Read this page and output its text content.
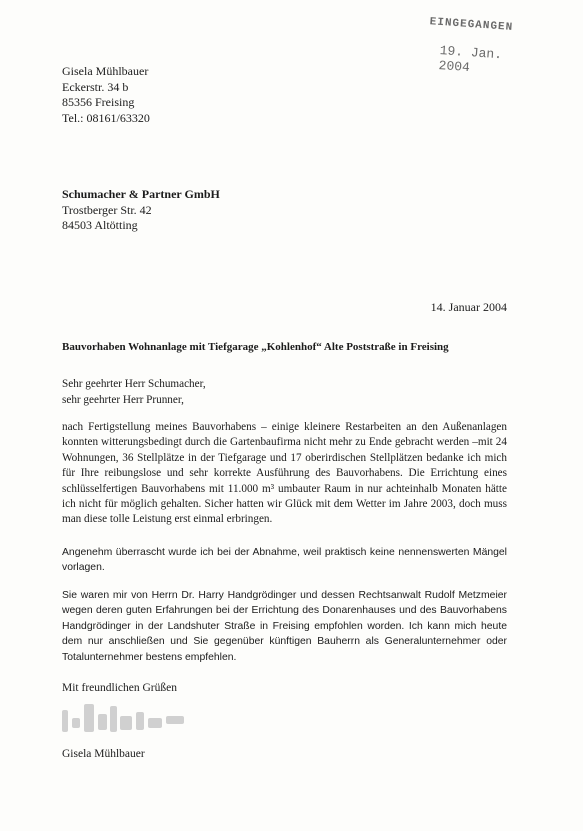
EINGEGANGEN
19. Jan. 2004
Gisela Mühlbauer
Eckerstr. 34 b
85356 Freising
Tel.: 08161/63320
Schumacher & Partner GmbH
Trostberger Str. 42
84503 Altötting
14. Januar 2004
Bauvorhaben Wohnanlage mit Tiefgarage „Kohlenhof“ Alte Poststraße in Freising
Sehr geehrter Herr Schumacher,
sehr geehrter Herr Prunner,
nach Fertigstellung meines Bauvorhabens – einige kleinere Restarbeiten an den Außenanlagen konnten witterungsbedingt durch die Gartenbaufirma nicht mehr zu Ende gebracht werden –mit 24 Wohnungen, 36 Stellplätze in der Tiefgarage und 17 oberirdischen Stellplätzen bedanke ich mich für Ihre reibungslose und sehr korrekte Ausführung des Bauvorhabens. Die Errichtung eines schlüsselfertigen Bauvorhabens mit 11.000 m³ umbauter Raum in nur achteinhalb Monaten hätte ich nicht für möglich gehalten. Sicher hatten wir Glück mit dem Wetter im Jahre 2003, doch muss man diese tolle Leistung erst einmal erbringen.
Angenehm überrascht wurde ich bei der Abnahme, weil praktisch keine nennenswerten Mängel vorlagen.
Sie waren mir von Herrn Dr. Harry Handgrödinger und dessen Rechtsanwalt Rudolf Metzmeier wegen deren guten Erfahrungen bei der Errichtung des Donarenhauses und des Bauvorhabens Handgrödinger in der Landshuter Straße in Freising empfohlen worden. Ich kann mich heute dem nur anschließen und Sie gegenüber künftigen Bauherrn als Generalunternehmer oder Totalunternehmer bestens empfehlen.
Mit freundlichen Grüßen
Gisela Mühlbauer
